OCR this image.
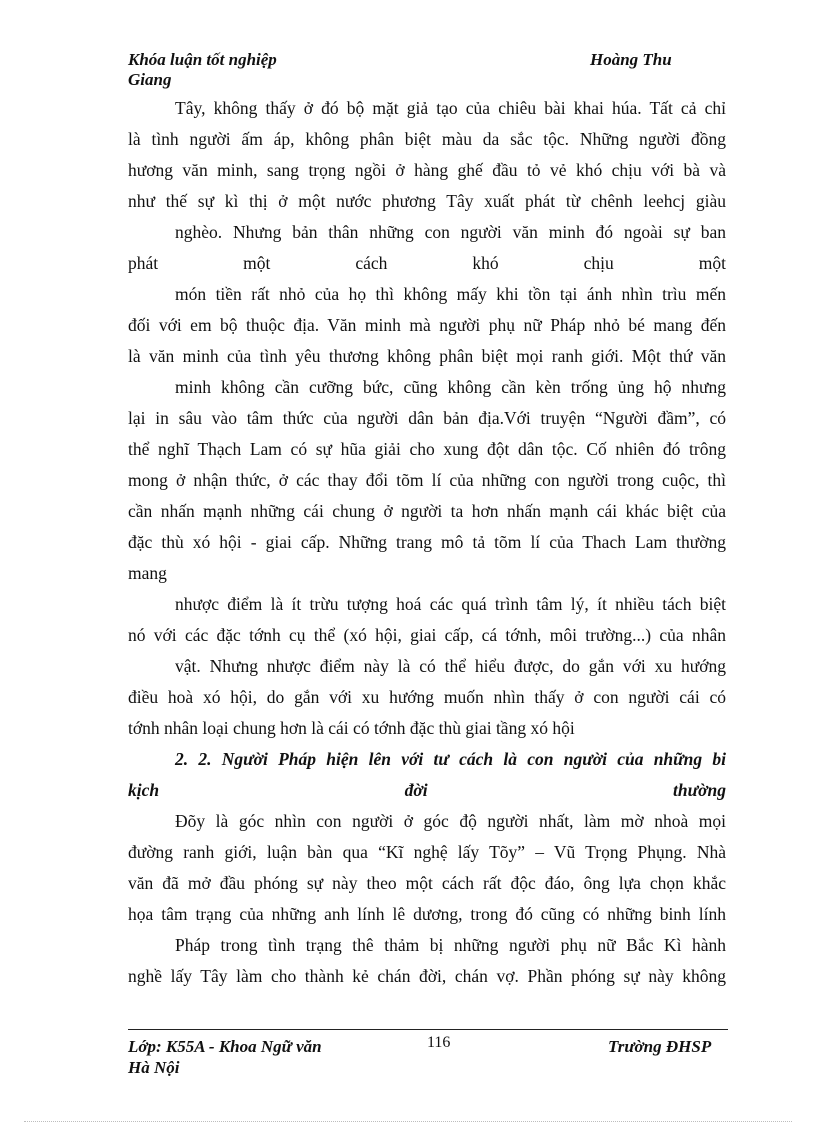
Khóa luận tốt nghiệp	Hoàng Thu
Giang
Tây, không thấy ở đó bộ mặt giả tạo của chiêu bài khai húa. Tất cả chỉ
là tình người ấm áp, không phân biệt màu da sắc tộc. Những người đồng
hương văn minh, sang trọng ngồi ở hàng ghế đầu tỏ vẻ khó chịu với bà và
như thế sự kì thị ở một nước phương Tây xuất phát từ chênh leehcj giàu
nghèo. Nhưng bản thân những con người văn minh đó ngoài sự ban
phát một cách khó chịu một
món tiền rất nhỏ của họ thì không mấy khi tồn tại ánh nhìn trìu mến
đối với em bộ thuộc địa. Văn minh mà người phụ nữ Pháp nhỏ bé mang đến
là văn minh của tình yêu thương không phân biệt mọi ranh giới. Một thứ văn
minh không cần cưỡng bức, cũng không cần kèn trống ủng hộ nhưng
lại in sâu vào tâm thức của người dân bản địa.Với truyện “Người đầm”, có
thể nghĩ Thạch Lam có sự hũa giải cho xung đột dân tộc. Cố nhiên đó trông
mong ở nhận thức, ở các thay đổi tõm lí của những con người trong cuộc, thì
cần nhấn mạnh những cái chung ở người ta hơn nhấn mạnh cái khác biệt của
đặc thù xó hội - giai cấp. Những trang mô tả tõm lí của Thach Lam thường
mang
nhược điểm là ít trừu tượng hoá các quá trình tâm lý, ít nhiều tách biệt
nó với các đặc tớnh cụ thể (xó hội, giai cấp, cá tớnh, môi trường...) của nhân
vật. Nhưng nhược điểm này là có thể hiểu được, do gắn với xu hướng
điều hoà xó hội, do gắn với xu hướng muốn nhìn thấy ở con người cái có
tớnh nhân loại chung hơn là cái có tớnh đặc thù giai tầng xó hội
2. 2. Người Pháp hiện lên với tư cách là con người của những bi
kịch đời thường
Đõy là góc nhìn con người ở góc độ người nhất, làm mờ nhoà mọi
đường ranh giới, luận bàn qua “Kĩ nghệ lấy Tõy” – Vũ Trọng Phụng. Nhà
văn đã mở đầu phóng sự này theo một cách rất độc đáo, ông lựa chọn khắc
họa tâm trạng của những anh lính lê dương, trong đó cũng có những binh lính
Pháp trong tình trạng thê thảm bị những người phụ nữ Bắc Kì hành
nghề lấy Tây làm cho thành kẻ chán đời, chán vợ. Phần phóng sự này không
Lớp: K55A - Khoa Ngữ văn	116	Trường ĐHSP
Hà Nội
